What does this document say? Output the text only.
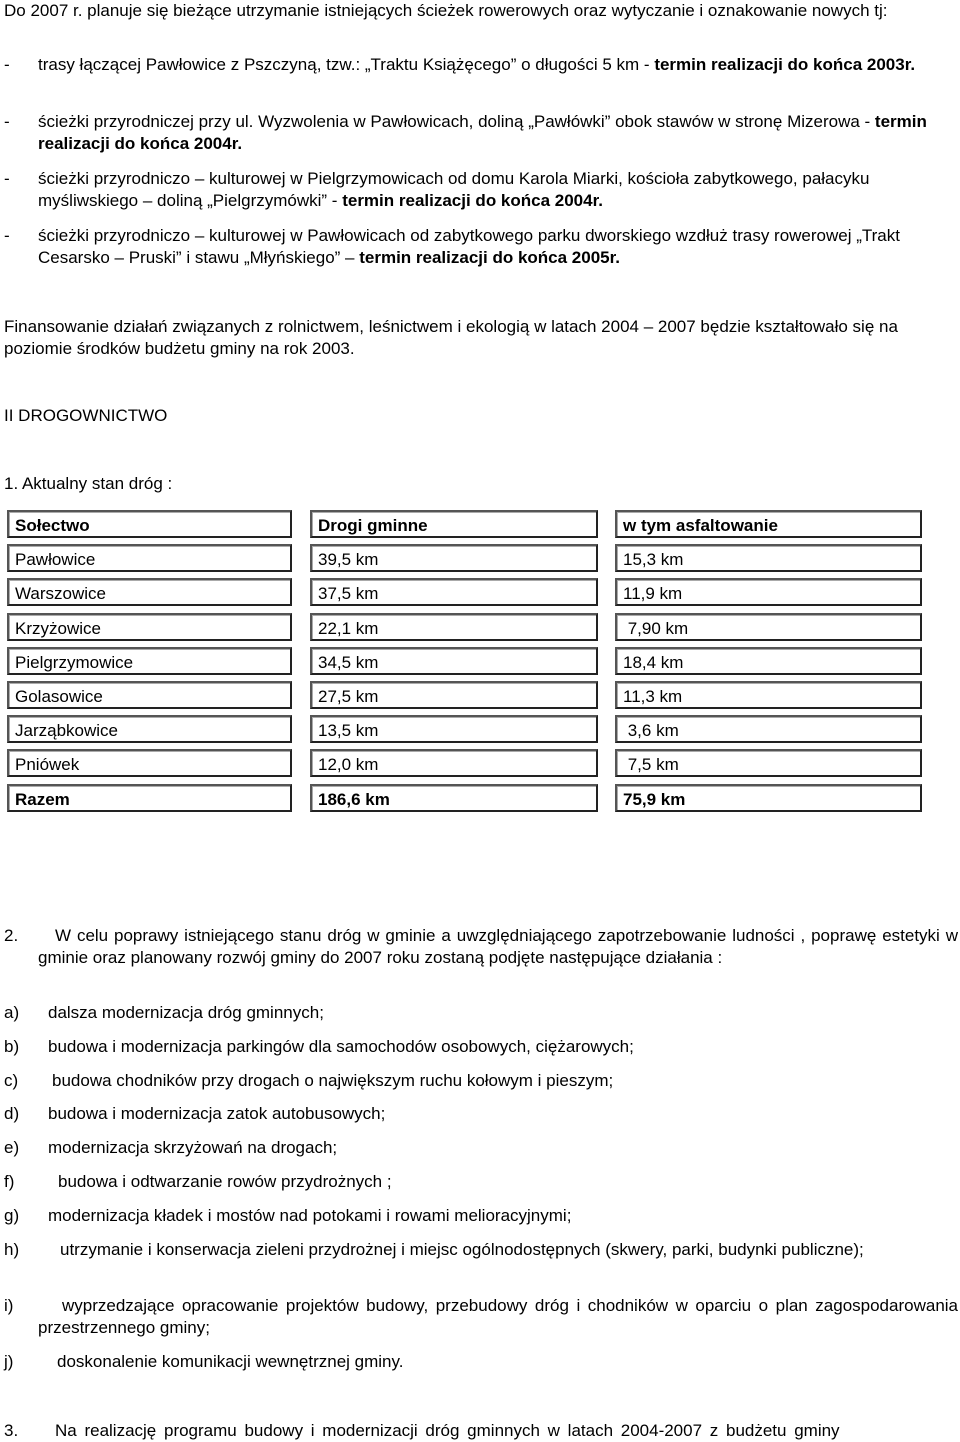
Do 2007 r. planuje się bieżące utrzymanie istniejących ścieżek rowerowych oraz wytyczanie i oznakowanie nowych tj:

-	trasy łączącej Pawłowice z Pszczyną, tzw.: „Traktu Książęcego” o długości 5 km - termin realizacji do końca 2003r.

-	ścieżki przyrodniczej przy ul. Wyzwolenia w Pawłowicach, doliną „Pawłówki” obok stawów w stronę Mizerowa - termin realizacji do końca 2004r.

-	ścieżki przyrodniczo – kulturowej w Pielgrzymowicach od domu Karola Miarki, kościoła zabytkowego, pałacyku myśliwskiego – doliną „Pielgrzymówki” - termin realizacji do końca 2004r.

-	ścieżki przyrodniczo – kulturowej w Pawłowicach od zabytkowego parku dworskiego wzdłuż trasy rowerowej „Trakt Cesarsko – Pruski” i stawu „Młyńskiego” – termin realizacji do końca 2005r.

Finansowanie działań związanych z rolnictwem, leśnictwem i ekologią w latach 2004 – 2007 będzie kształtowało się na poziomie środków budżetu gminy na rok 2003.

II DROGOWNICTWO

1. Aktualny stan dróg :

Sołectwo	Drogi gminne	w tym asfaltowanie
Pawłowice	39,5 km	15,3 km
Warszowice	37,5 km	11,9 km
Krzyżowice	22,1 km	7,90 km
Pielgrzymowice	34,5 km	18,4 km
Golasowice	27,5 km	11,3 km
Jarząbkowice	13,5 km	3,6 km
Pniówek	12,0 km	7,5 km
Razem	186,6 km	75,9 km
2.	W celu poprawy istniejącego stanu dróg w gminie a uwzględniającego zapotrzebowanie ludności , poprawę estetyki w gminie oraz planowany rozwój gminy do 2007 roku zostaną podjęte następujące działania :

a) dalsza modernizacja dróg gminnych;

b) budowa i modernizacja parkingów dla samochodów osobowych, ciężarowych;

c) budowa chodników przy drogach o największym ruchu kołowym i pieszym;

d) budowa i modernizacja zatok autobusowych;

e) modernizacja skrzyżowań na drogach;

f)	budowa i odtwarzanie rowów przydrożnych ;

g) modernizacja kładek i mostów nad potokami i rowami melioracyjnymi;

h)	utrzymanie i konserwacja zieleni przydrożnej i miejsc ogólnodostępnych (skwery, parki, budynki publiczne);

i)	wyprzedzające opracowanie projektów budowy, przebudowy dróg i chodników w oparciu o plan zagospodarowania przestrzennego gminy;

j)	doskonalenie komunikacji wewnętrznej gminy.

3. Na realizację programu budowy i modernizacji dróg gminnych w latach 2004-2007 z budżetu gminy
